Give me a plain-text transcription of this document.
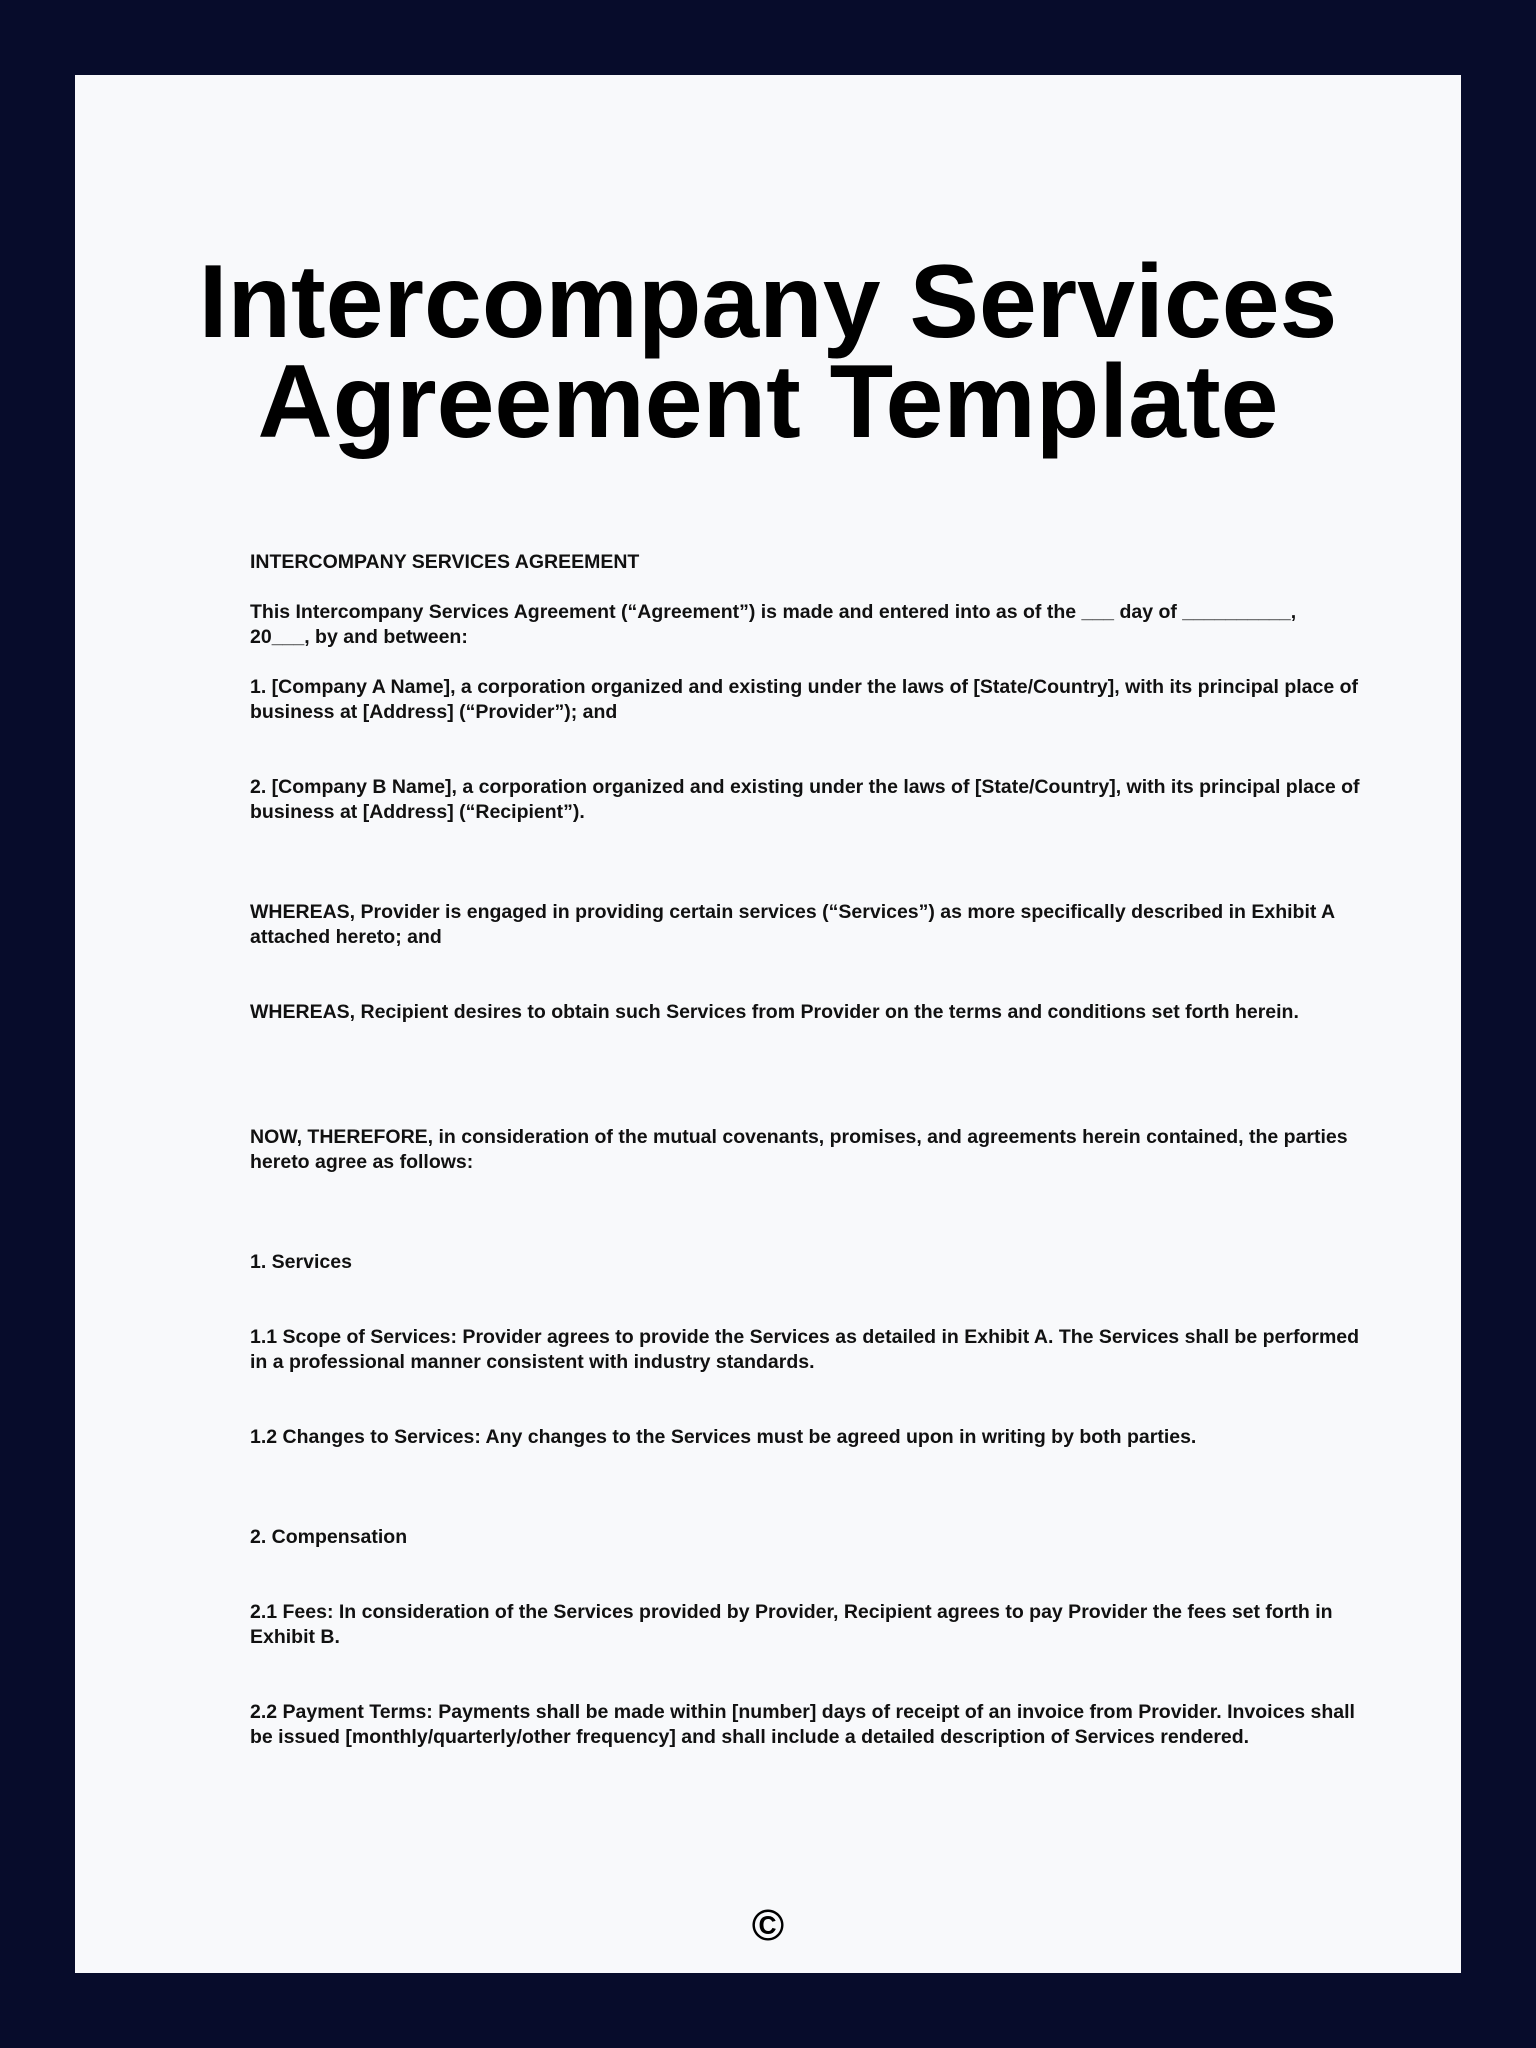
Intercompany Services
Agreement Template

INTERCOMPANY SERVICES AGREEMENT

This Intercompany Services Agreement (“Agreement”) is made and entered into as of the ___ day of __________, 20___, by and between:

1. [Company A Name], a corporation organized and existing under the laws of [State/Country], with its principal place of business at [Address] (“Provider”); and

2. [Company B Name], a corporation organized and existing under the laws of [State/Country], with its principal place of business at [Address] (“Recipient”).

WHEREAS, Provider is engaged in providing certain services (“Services”) as more specifically described in Exhibit A attached hereto; and

WHEREAS, Recipient desires to obtain such Services from Provider on the terms and conditions set forth herein.

NOW, THEREFORE, in consideration of the mutual covenants, promises, and agreements herein contained, the parties hereto agree as follows:

1. Services

1.1 Scope of Services: Provider agrees to provide the Services as detailed in Exhibit A. The Services shall be performed in a professional manner consistent with industry standards.

1.2 Changes to Services: Any changes to the Services must be agreed upon in writing by both parties.

2. Compensation

2.1 Fees: In consideration of the Services provided by Provider, Recipient agrees to pay Provider the fees set forth in Exhibit B.

2.2 Payment Terms: Payments shall be made within [number] days of receipt of an invoice from Provider. Invoices shall be issued [monthly/quarterly/other frequency] and shall include a detailed description of Services rendered.

©
